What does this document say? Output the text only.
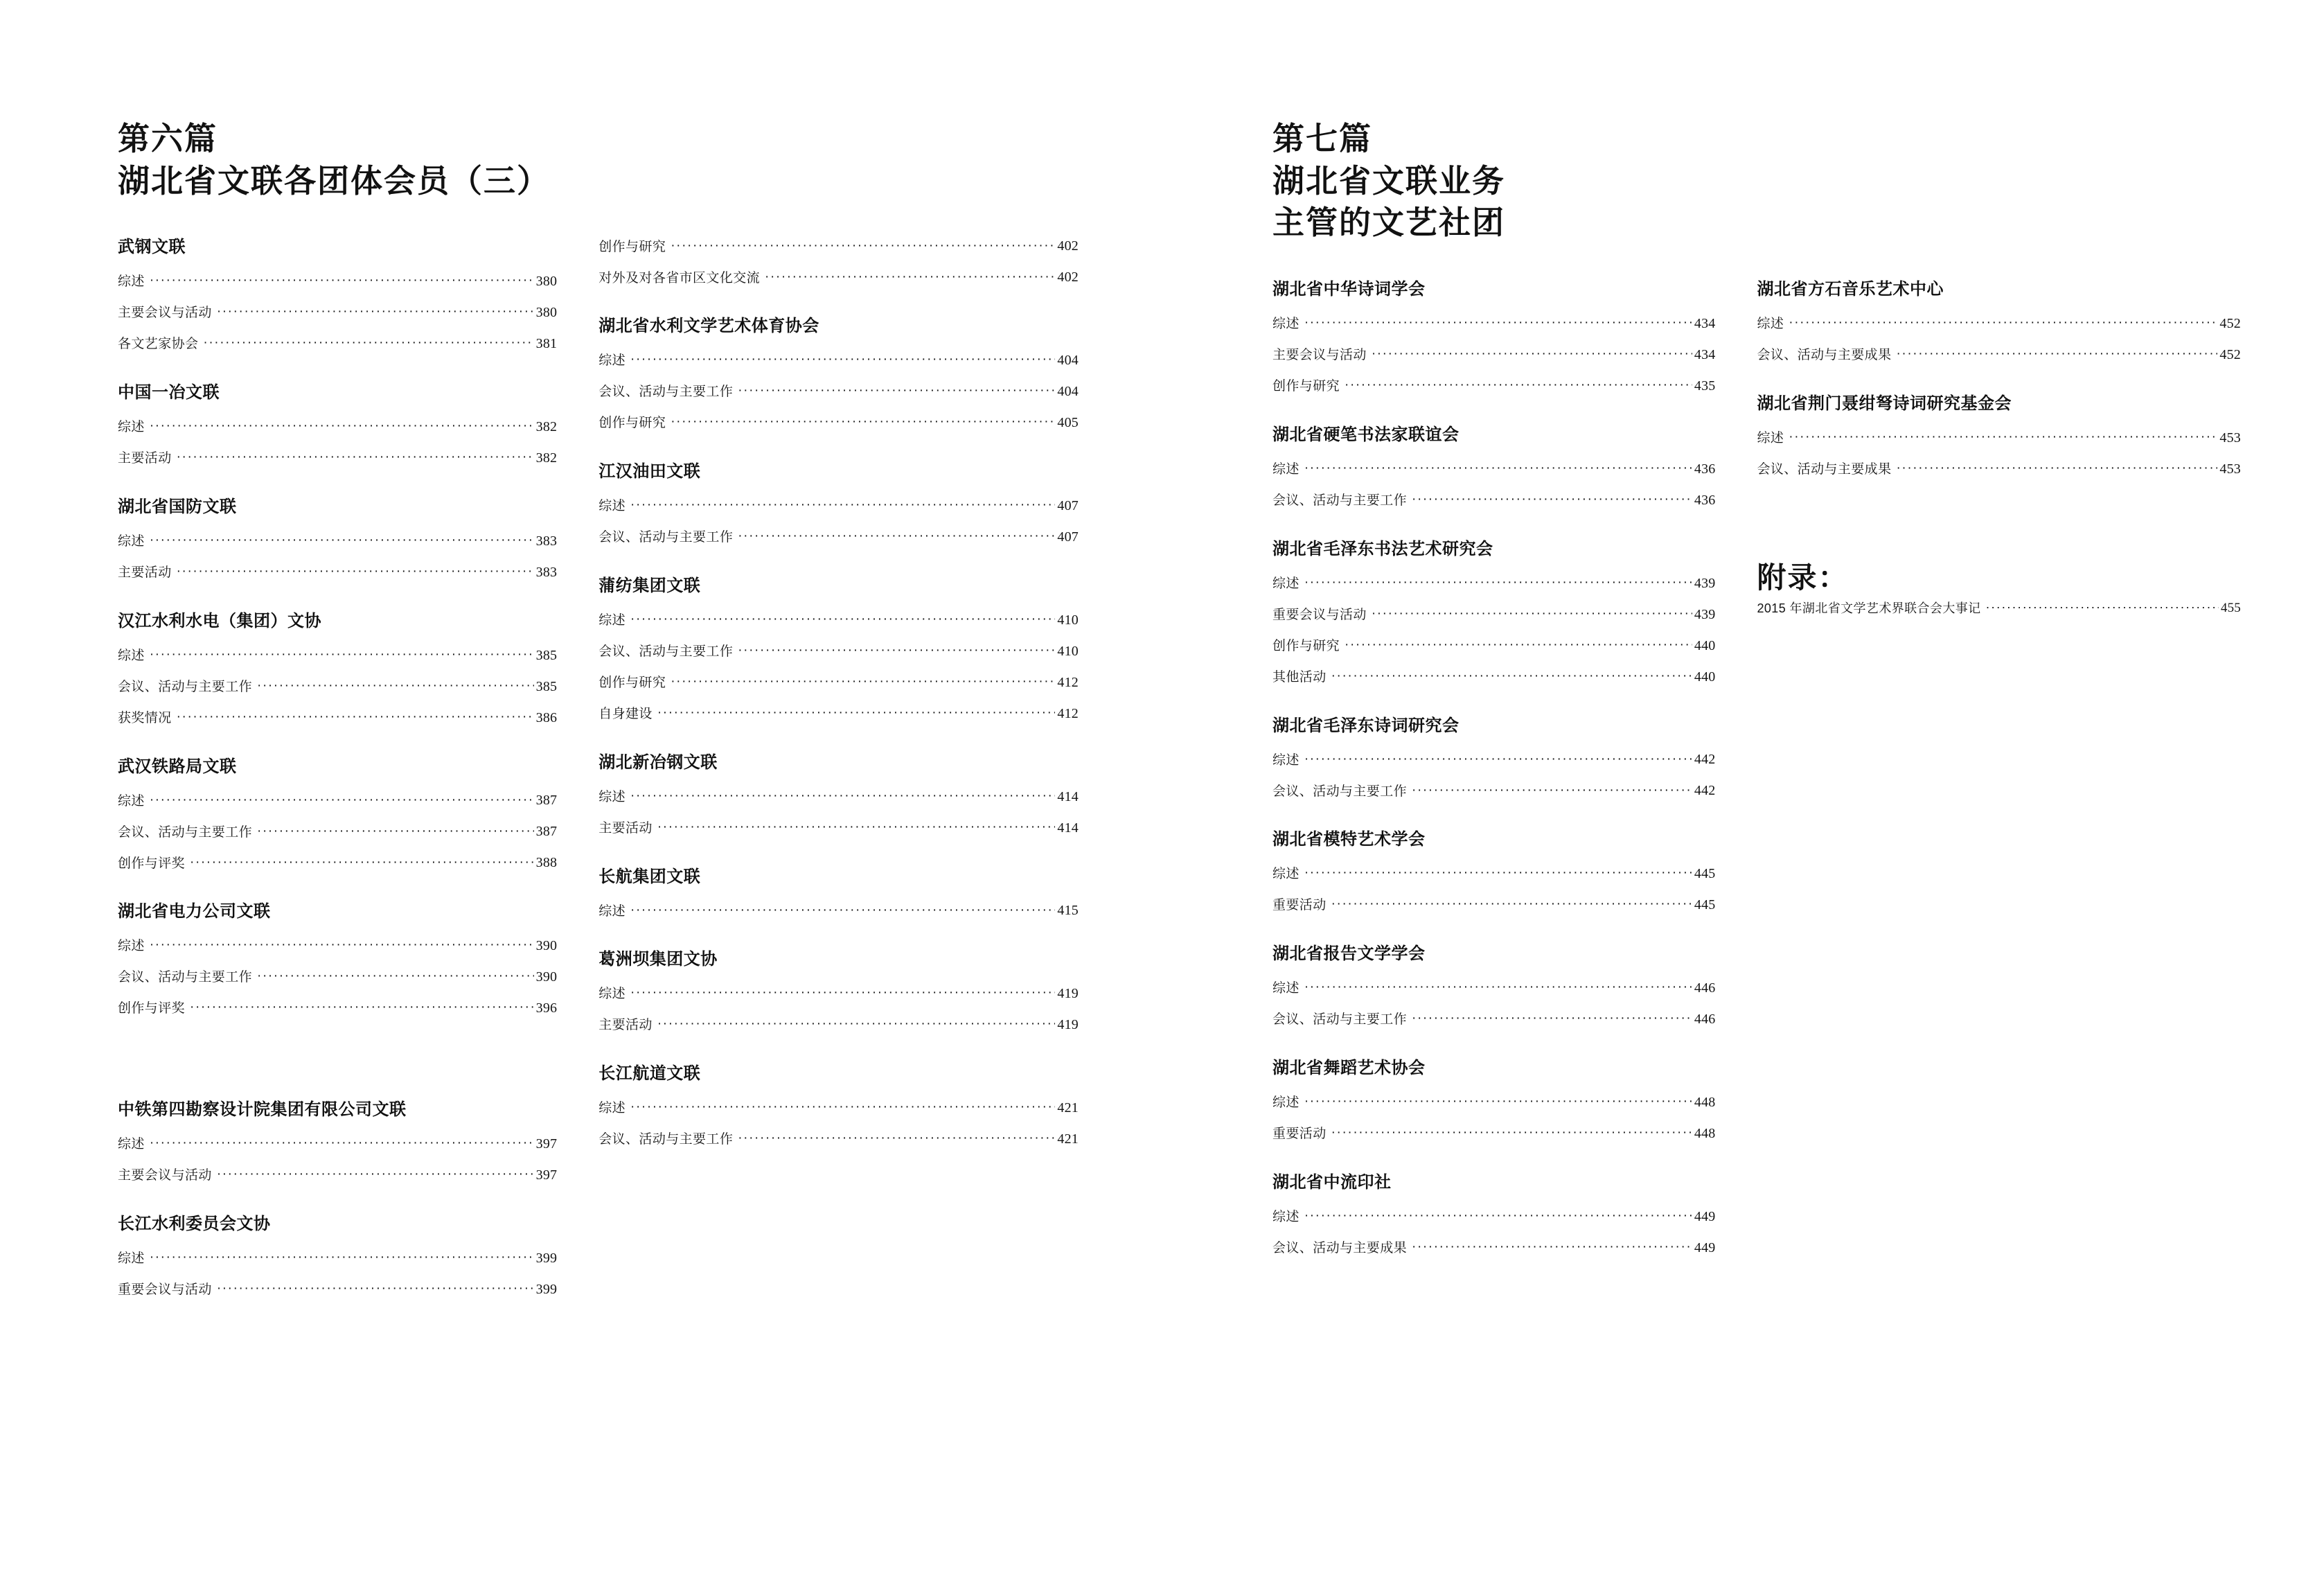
第六篇
湖北省文联各团体会员（三）
武钢文联
综述 ·····	380
主要会议与活动 ·····	380
各文艺家协会 ·····	381
中国一冶文联
综述 ·····	382
主要活动 ·····	382
湖北省国防文联
综述 ·····	383
主要活动 ·····	383
汉江水利水电（集团）文协
综述 ·····	385
会议、活动与主要工作 ·····	385
获奖情况 ·····	386
武汉铁路局文联
综述 ·····	387
会议、活动与主要工作 ·····	387
创作与评奖 ·····	388
湖北省电力公司文联
综述 ·····	390
会议、活动与主要工作 ·····	390
创作与评奖 ·····	396
中铁第四勘察设计院集团有限公司文联
综述 ·····	397
主要会议与活动 ·····	397
长江水利委员会文协
综述 ·····	399
重要会议与活动 ·····	399
创作与研究 ·····	402
对外及对各省市区文化交流 ·····	402
湖北省水利文学艺术体育协会
综述 ·····	404
会议、活动与主要工作 ·····	404
创作与研究 ·····	405
江汉油田文联
综述 ·····	407
会议、活动与主要工作 ·····	407
蒲纺集团文联
综述 ·····	410
会议、活动与主要工作 ·····	410
创作与研究 ·····	412
自身建设 ·····	412
湖北新冶钢文联
综述 ·····	414
主要活动 ·····	414
长航集团文联
综述 ·····	415
葛洲坝集团文协
综述 ·····	419
主要活动 ·····	419
长江航道文联
综述 ·····	421
会议、活动与主要工作 ·····	421
第七篇
湖北省文联业务
主管的文艺社团
湖北省中华诗词学会
综述 ·····	434
主要会议与活动 ·····	434
创作与研究 ·····	435
湖北省硬笔书法家联谊会
综述 ·····	436
会议、活动与主要工作 ·····	436
湖北省毛泽东书法艺术研究会
综述 ·····	439
重要会议与活动 ·····	439
创作与研究 ·····	440
其他活动 ·····	440
湖北省毛泽东诗词研究会
综述 ·····	442
会议、活动与主要工作 ·····	442
湖北省模特艺术学会
综述 ·····	445
重要活动 ·····	445
湖北省报告文学学会
综述 ·····	446
会议、活动与主要工作 ·····	446
湖北省舞蹈艺术协会
综述 ·····	448
重要活动 ·····	448
湖北省中流印社
综述 ·····	449
会议、活动与主要成果 ·····	449
湖北省方石音乐艺术中心
综述 ·····	452
会议、活动与主要成果 ·····	452
湖北省荆门聂绀弩诗词研究基金会
综述 ·····	453
会议、活动与主要成果 ·····	453
附录：
2015 年湖北省文学艺术界联合会大事记 ·····	455
